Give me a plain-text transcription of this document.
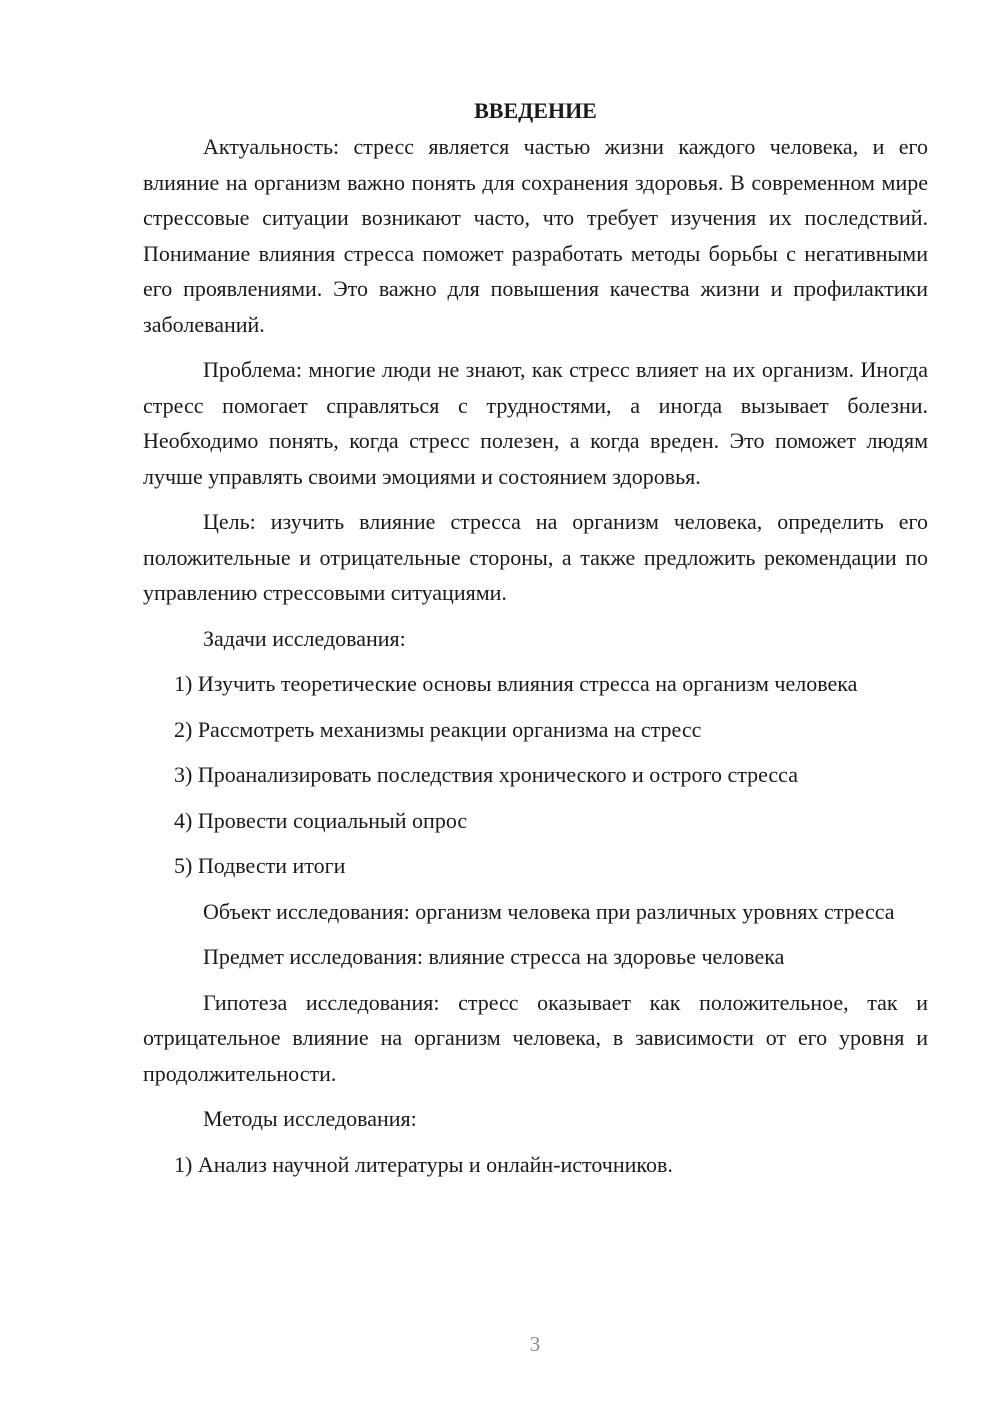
ВВЕДЕНИЕ

Актуальность: стресс является частью жизни каждого человека, и его влияние на организм важно понять для сохранения здоровья. В современном мире стрессовые ситуации возникают часто, что требует изучения их последствий. Понимание влияния стресса поможет разработать методы борьбы с негативными его проявлениями. Это важно для повышения качества жизни и профилактики заболеваний.

Проблема: многие люди не знают, как стресс влияет на их организм. Иногда стресс помогает справляться с трудностями, а иногда вызывает болезни. Необходимо понять, когда стресс полезен, а когда вреден. Это поможет людям лучше управлять своими эмоциями и состоянием здоровья.

Цель: изучить влияние стресса на организм человека, определить его положительные и отрицательные стороны, а также предложить рекомендации по управлению стрессовыми ситуациями.

Задачи исследования:

1) Изучить теоретические основы влияния стресса на организм человека

2) Рассмотреть механизмы реакции организма на стресс

3) Проанализировать последствия хронического и острого стресса

4) Провести социальный опрос

5) Подвести итоги

Объект исследования: организм человека при различных уровнях стресса

Предмет исследования: влияние стресса на здоровье человека

Гипотеза исследования: стресс оказывает как положительное, так и отрицательное влияние на организм человека, в зависимости от его уровня и продолжительности.

Методы исследования:

1) Анализ научной литературы и онлайн-источников.

3
